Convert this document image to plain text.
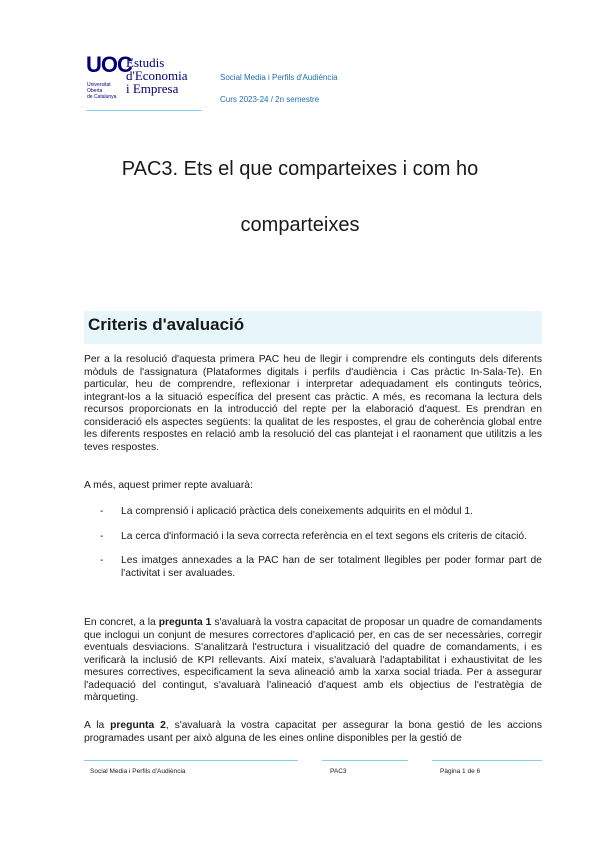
UOC
Universitat
Oberta
de Catalunya
Estudis
d'Economia
i Empresa
Social Media i Perfils d'Audiència
Curs 2023-24 / 2n semestre
PAC3. Ets el que comparteixes i com ho
comparteixes
Criteris d'avaluació
Per a la resolució d'aquesta primera PAC heu de llegir i comprendre els continguts dels diferents mòduls de l'assignatura (Plataformes digitals i perfils d'audiència i Cas pràctic In-Sala-Te). En particular, heu de comprendre, reflexionar i interpretar adequadament els continguts teòrics, integrant-los a la situació específica del present cas pràctic. A més, es recomana la lectura dels recursos proporcionats en la introducció del repte per la elaboració d'aquest. Es prendran en consideració els aspectes següents: la qualitat de les respostes, el grau de coherència global entre les diferents respostes en relació amb la resolució del cas plantejat i el raonament que utilitzis a les teves respostes.
A més, aquest primer repte avaluarà:
- La comprensió i aplicació pràctica dels coneixements adquirits en el mòdul 1.
- La cerca d'informació i la seva correcta referència en el text segons els criteris de citació.
- Les imatges annexades a la PAC han de ser totalment llegibles per poder formar part de l'activitat i ser avaluades.
En concret, a la pregunta 1 s'avaluarà la vostra capacitat de proposar un quadre de comandaments que inclogui un conjunt de mesures correctores d'aplicació per, en cas de ser necessàries, corregir eventuals desviacions. S'analitzarà l'estructura i visualització del quadre de comandaments, i es verificarà la inclusió de KPI rellevants. Així mateix, s'avaluarà l'adaptabilitat i exhaustivitat de les mesures correctives, especificament la seva alineació amb la xarxa social triada. Per a assegurar l'adequació del contingut, s'avaluarà l'alineació d'aquest amb els objectius de l'estratègia de màrqueting.
A la pregunta 2, s'avaluarà la vostra capacitat per assegurar la bona gestió de les accions programades usant per això alguna de les eines online disponibles per la gestió de
Social Media i Perfils d'Audiència	PAC3	Pàgina 1 de 6
